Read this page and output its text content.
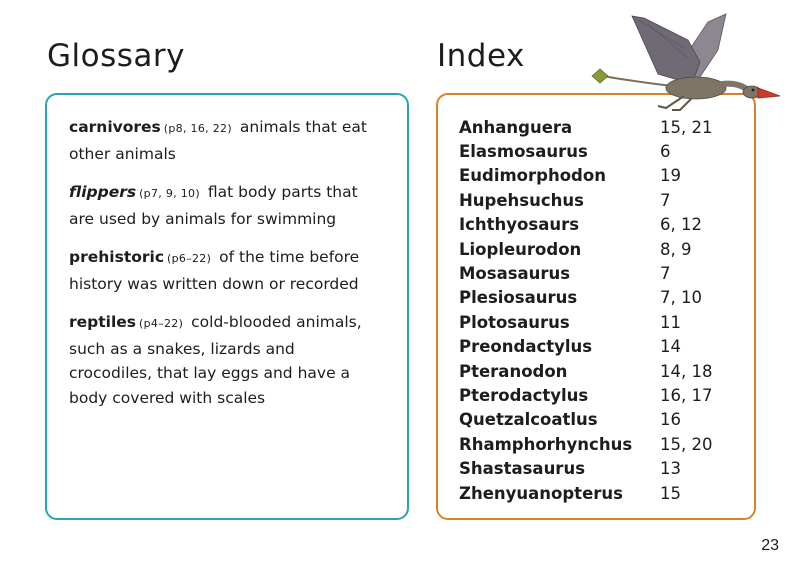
Glossary	Index

carnivores (p8, 16, 22) animals that eat other animals

flippers (p7, 9, 10) flat body parts that are used by animals for swimming

prehistoric (p6–22) of the time before history was written down or recorded

reptiles (p4–22) cold-blooded animals, such as a snakes, lizards and crocodiles, that lay eggs and have a body covered with scales

Anhanguera	15, 21
Elasmosaurus	6
Eudimorphodon	19
Hupehsuchus	7
Ichthyosaurs	6, 12
Liopleurodon	8, 9
Mosasaurus	7
Plesiosaurus	7, 10
Plotosaurus	11
Preondactylus	14
Pteranodon	14, 18
Pterodactylus	16, 17
Quetzalcoatlus	16
Rhamphorhynchus	15, 20
Shastasaurus	13
Zhenyuanopterus	15

23
